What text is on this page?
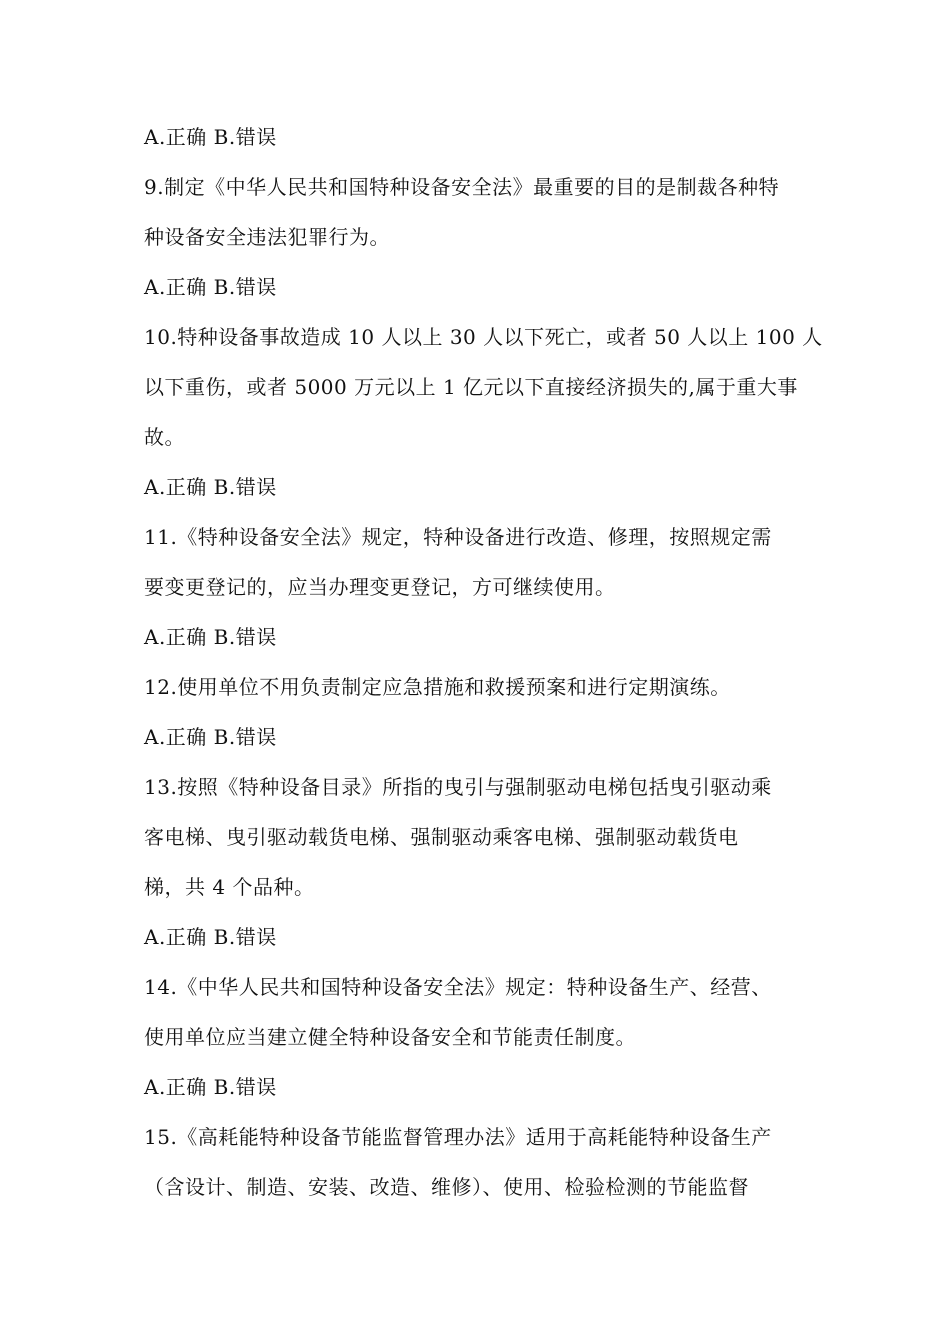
A.正确 B.错误
9.制定《中华人民共和国特种设备安全法》最重要的目的是制裁各种特
种设备安全违法犯罪行为。
A.正确 B.错误
10.特种设备事故造成 10 人以上 30 人以下死亡，或者 50 人以上 100 人
以下重伤，或者 5000 万元以上 1 亿元以下直接经济损失的,属于重大事
故。
A.正确 B.错误
11.《特种设备安全法》规定，特种设备进行改造、修理，按照规定需
要变更登记的，应当办理变更登记，方可继续使用。
A.正确 B.错误
12.使用单位不用负责制定应急措施和救援预案和进行定期演练。
A.正确 B.错误
13.按照《特种设备目录》所指的曳引与强制驱动电梯包括曳引驱动乘
客电梯、曳引驱动载货电梯、强制驱动乘客电梯、强制驱动载货电
梯，共 4 个品种。
A.正确 B.错误
14.《中华人民共和国特种设备安全法》规定：特种设备生产、经营、
使用单位应当建立健全特种设备安全和节能责任制度。
A.正确 B.错误
15.《高耗能特种设备节能监督管理办法》适用于高耗能特种设备生产
（含设计、制造、安装、改造、维修）、使用、检验检测的节能监督
